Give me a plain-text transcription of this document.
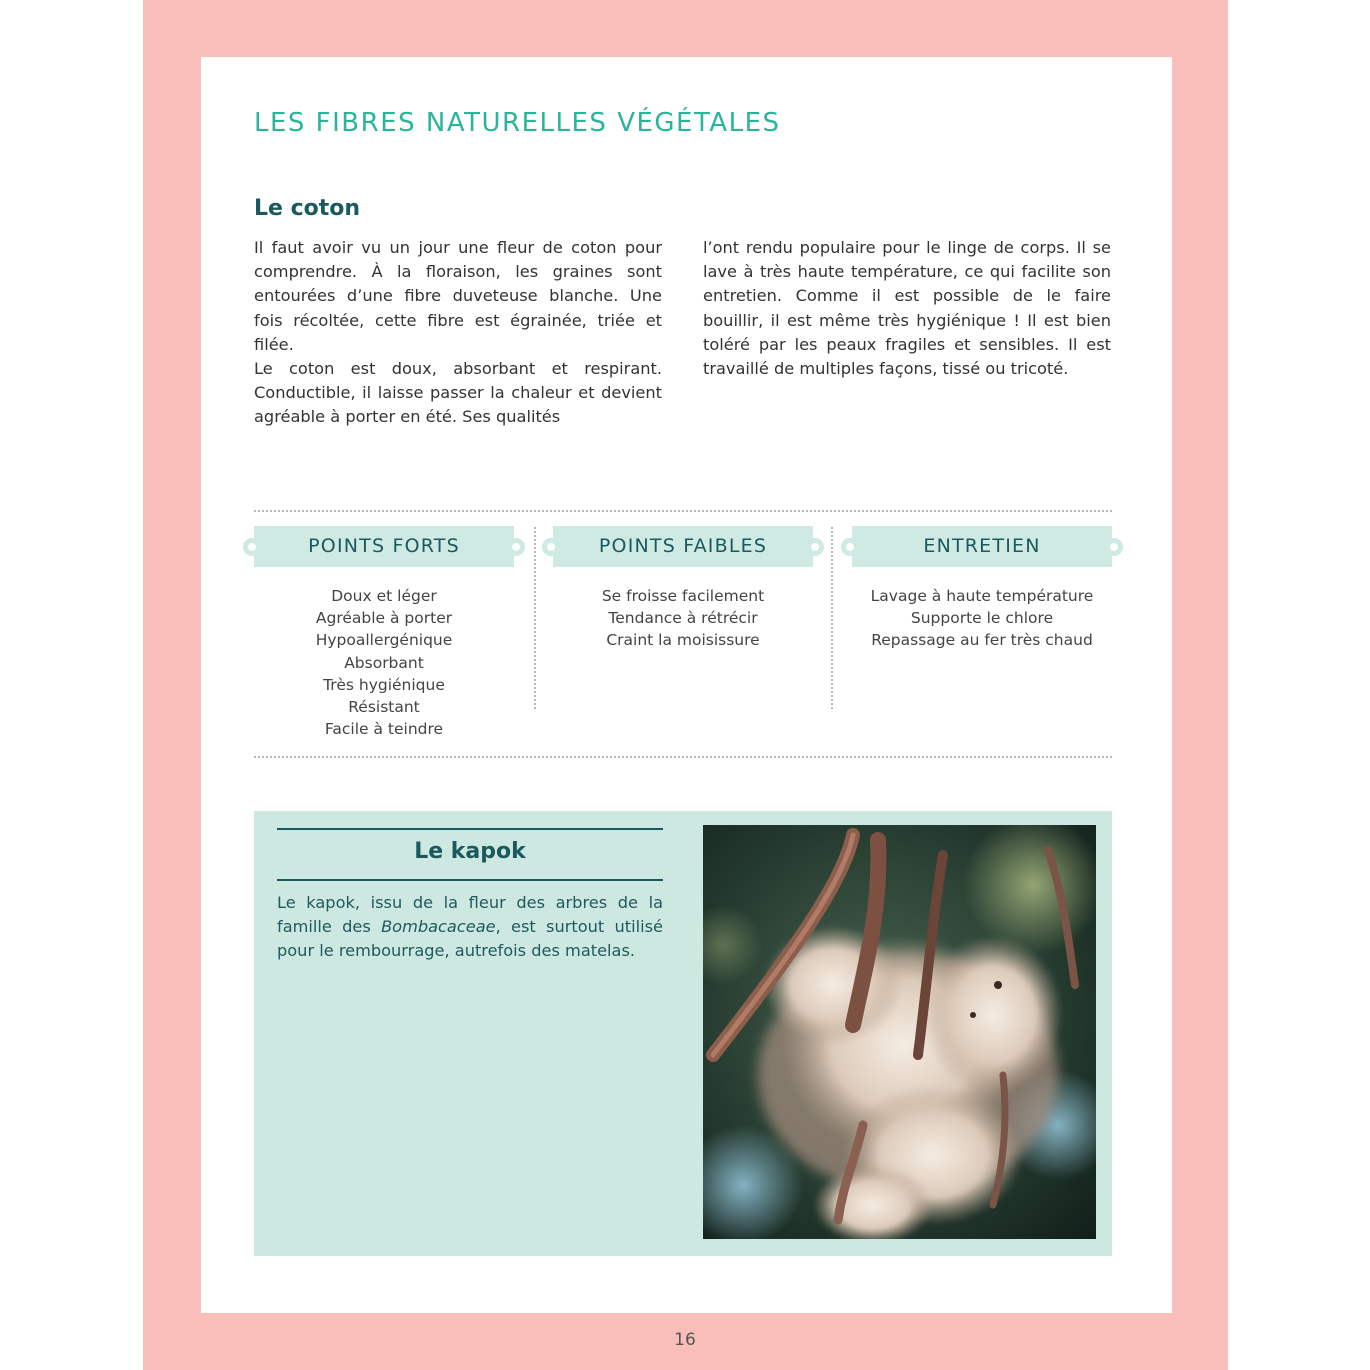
LES FIBRES NATURELLES VÉGÉTALES
Le coton

Il faut avoir vu un jour une fleur de coton pour comprendre. À la floraison, les graines sont entourées d’une fibre duveteuse blanche. Une fois récoltée, cette fibre est égrainée, triée et filée.

Le coton est doux, absorbant et respirant. Conductible, il laisse passer la chaleur et devient agréable à porter en été. Ses qualités

l’ont rendu populaire pour le linge de corps. Il se lave à très haute température, ce qui facilite son entretien. Comme il est possible de le faire bouillir, il est même très hygiénique ! Il est bien toléré par les peaux fragiles et sensibles. Il est travaillé de multiples façons, tissé ou tricoté.

POINTS FORTS
Doux et léger
Agréable à porter
Hypoallergénique
Absorbant
Très hygiénique
Résistant
Facile à teindre
POINTS FAIBLES
Se froisse facilement
Tendance à rétrécir
Craint la moisissure
ENTRETIEN
Lavage à haute température
Supporte le chlore
Repassage au fer très chaud
Le kapok

Le kapok, issu de la fleur des arbres de la famille des Bombacaceae, est surtout utilisé pour le rembourrage, autrefois des matelas.

16
